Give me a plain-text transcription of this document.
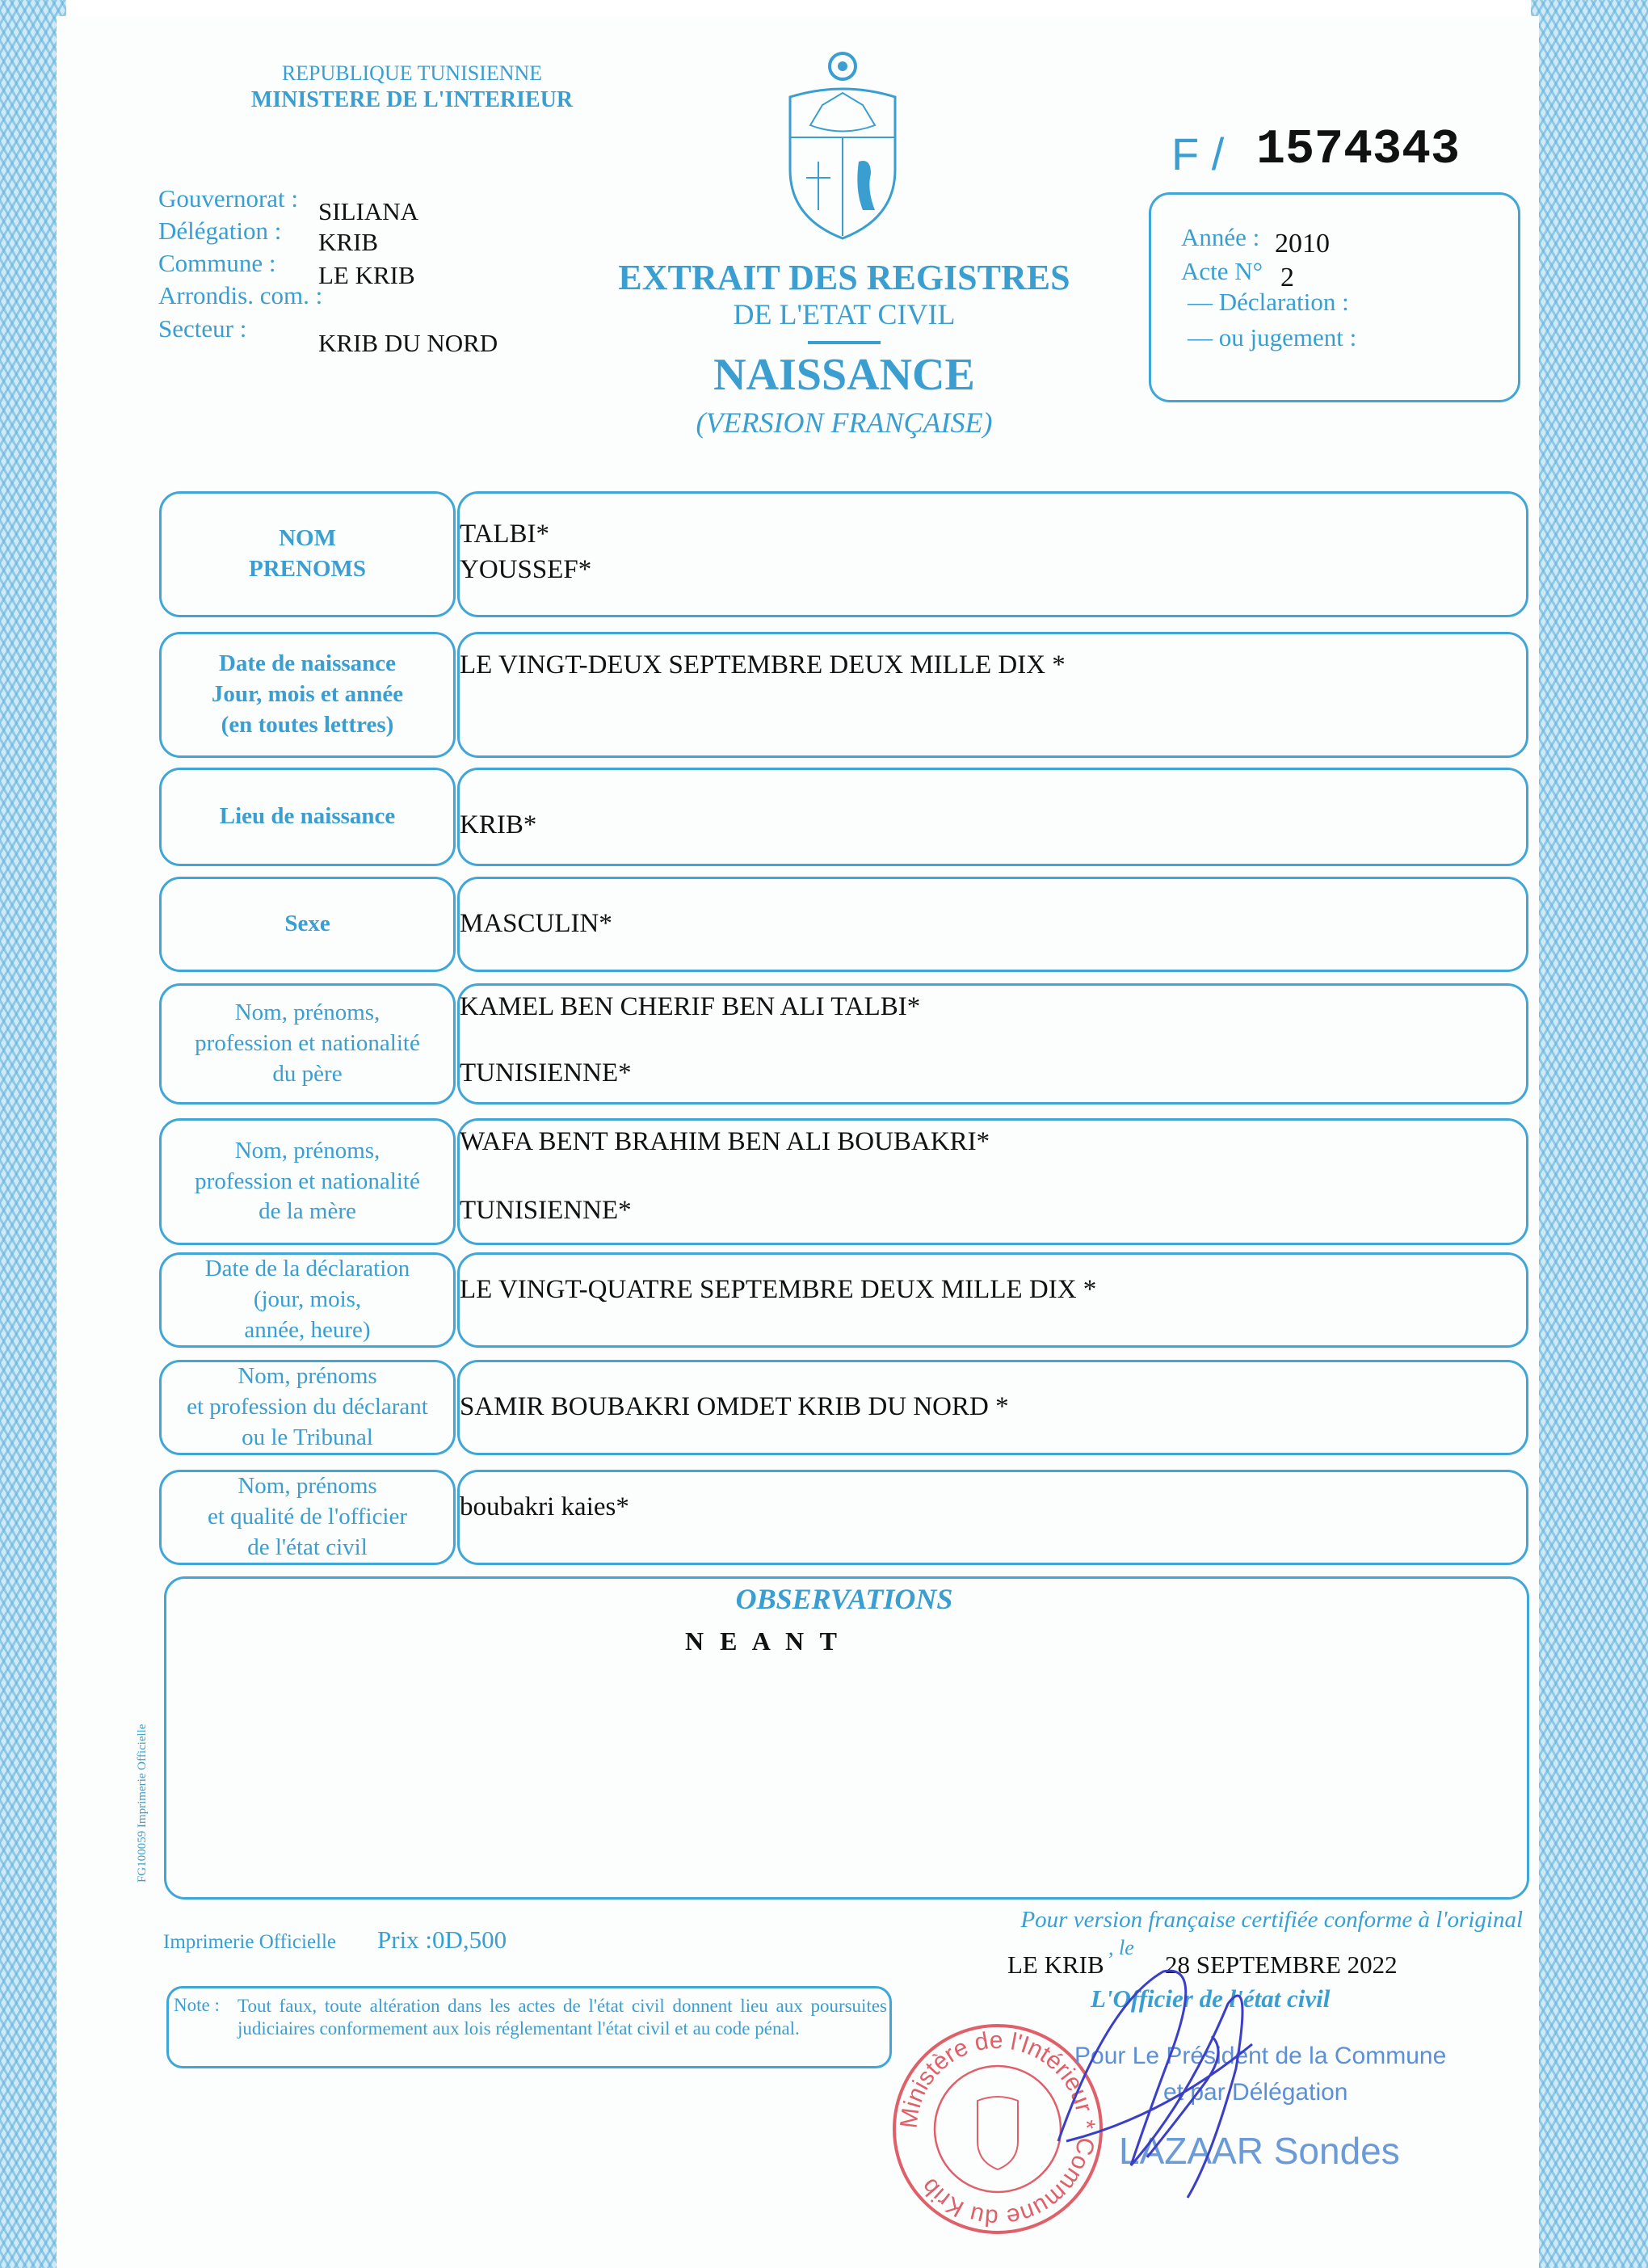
REPUBLIQUE TUNISIENNE
MINISTERE DE L'INTERIEUR
F / 1574343
Année : 2010
Acte N° 2
— Déclaration :
— ou jugement :
Gouvernorat : SILIANA
Délégation : KRIB
Commune : LE KRIB
Arrondis. com. :
Secteur :
KRIB DU NORD
EXTRAIT DES REGISTRES
DE L'ETAT CIVIL
NAISSANCE
(VERSION FRANÇAISE)
NOM
PRENOMS
TALBI*
YOUSSEF*
Date de naissance
Jour, mois et année
(en toutes lettres)
LE VINGT-DEUX SEPTEMBRE DEUX MILLE DIX *
Lieu de naissance KRIB*
Sexe	MASCULIN*
Nom, prénoms,
profession et nationalité
du père
KAMEL BEN CHERIF BEN ALI TALBI*
TUNISIENNE*
Nom, prénoms,
profession et nationalité
de la mère
WAFA BENT BRAHIM BEN ALI BOUBAKRI*
TUNISIENNE*
Date de la déclaration
(jour, mois,
année, heure)
LE VINGT-QUATRE SEPTEMBRE DEUX MILLE DIX *
Nom, prénoms
et profession du déclarant
ou le Tribunal
SAMIR BOUBAKRI OMDET KRIB DU NORD *
Nom, prénoms
et qualité de l'officier
de l'état civil
boubakri kaies*
OBSERVATIONS
N E A N T
FG100059 Imprimerie Officielle
Imprimerie Officielle Prix :0D,500
Pour version française certifiée conforme à l'original
LE KRIB
, le
28 SEPTEMBRE 2022
L'Officier de l'état civil
Note : Tout faux, toute altération dans les actes de l'état civil donnent lieu aux poursuites judiciaires conformement aux lois réglementant l'état civil et au code pénal.
Ministère de l'Intérieur * Commune du Krib
Pour Le Président de la Commune
et par Délégation
LAZAAR Sondes
